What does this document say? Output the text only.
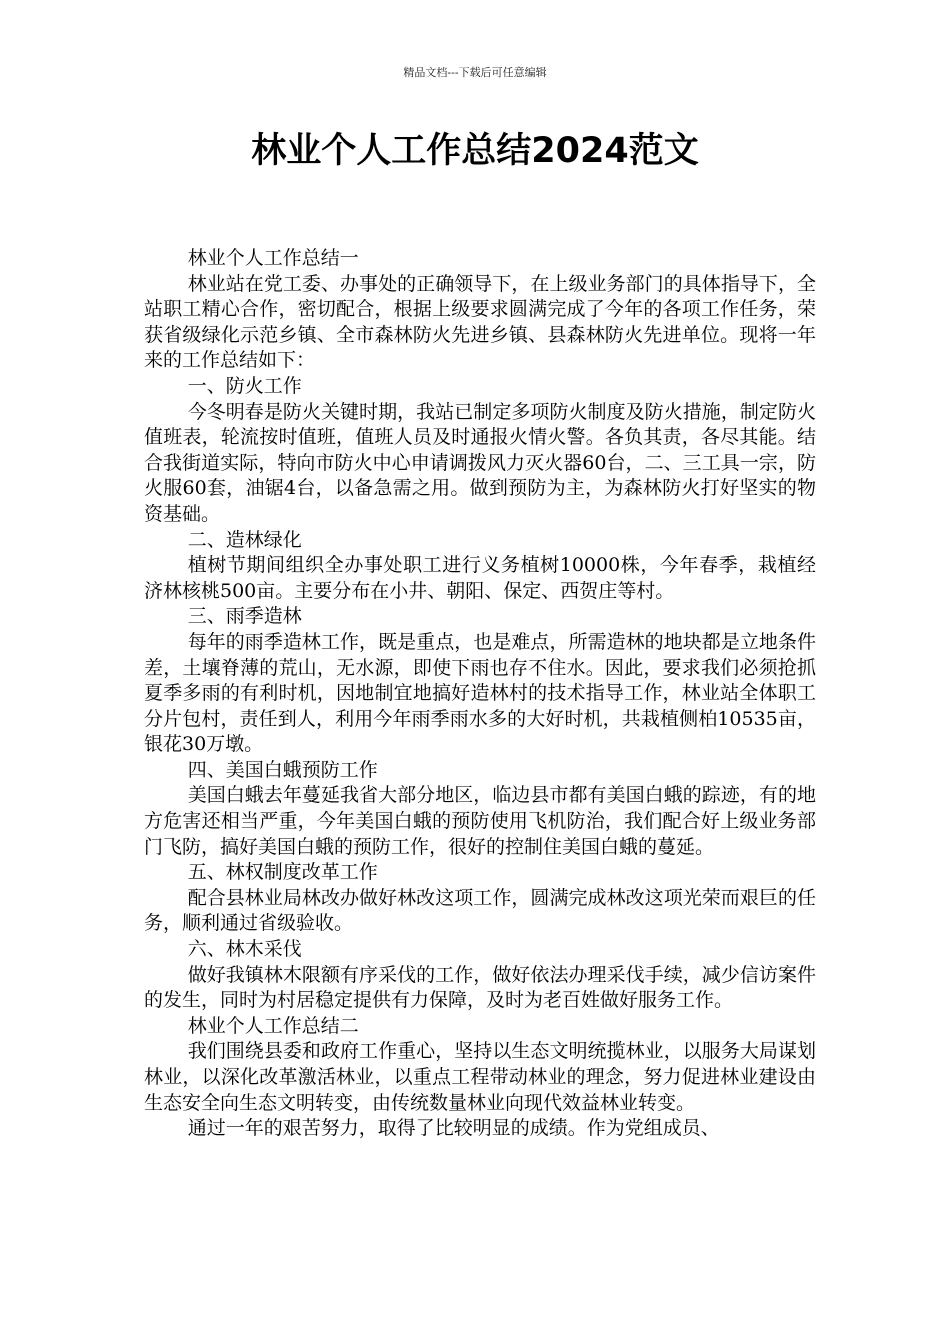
精品文档---下载后可任意编辑
林业个人工作总结2024范文

林业个人工作总结一

林业站在党工委、办事处的正确领导下，在上级业务部门的具体指导下，全站职工精心合作，密切配合，根据上级要求圆满完成了今年的各项工作任务，荣获省级绿化示范乡镇、全市森林防火先进乡镇、县森林防火先进单位。现将一年来的工作总结如下：

一、防火工作

今冬明春是防火关键时期，我站已制定多项防火制度及防火措施，制定防火值班表，轮流按时值班，值班人员及时通报火情火警。各负其责，各尽其能。结合我街道实际，特向市防火中心申请调拨风力灭火器60台，二、三工具一宗，防火服60套，油锯4台，以备急需之用。做到预防为主，为森林防火打好坚实的物资基础。

二、造林绿化

植树节期间组织全办事处职工进行义务植树10000株，今年春季，栽植经济林核桃500亩。主要分布在小井、朝阳、保定、西贺庄等村。

三、雨季造林

每年的雨季造林工作，既是重点，也是难点，所需造林的地块都是立地条件差，土壤脊薄的荒山，无水源，即使下雨也存不住水。因此，要求我们必须抢抓夏季多雨的有利时机，因地制宜地搞好造林村的技术指导工作，林业站全体职工分片包村，责任到人，利用今年雨季雨水多的大好时机，共栽植侧柏10535亩，银花30万墩。

四、美国白蛾预防工作

美国白蛾去年蔓延我省大部分地区，临边县市都有美国白蛾的踪迹，有的地方危害还相当严重，今年美国白蛾的预防使用飞机防治，我们配合好上级业务部门飞防，搞好美国白蛾的预防工作，很好的控制住美国白蛾的蔓延。

五、林权制度改革工作

配合县林业局林改办做好林改这项工作，圆满完成林改这项光荣而艰巨的任务，顺利通过省级验收。

六、林木采伐

做好我镇林木限额有序采伐的工作，做好依法办理采伐手续，减少信访案件的发生，同时为村居稳定提供有力保障，及时为老百姓做好服务工作。

林业个人工作总结二

我们围绕县委和政府工作重心，坚持以生态文明统揽林业，以服务大局谋划林业，以深化改革激活林业，以重点工程带动林业的理念，努力促进林业建设由生态安全向生态文明转变，由传统数量林业向现代效益林业转变。

通过一年的艰苦努力，取得了比较明显的成绩。作为党组成员、
